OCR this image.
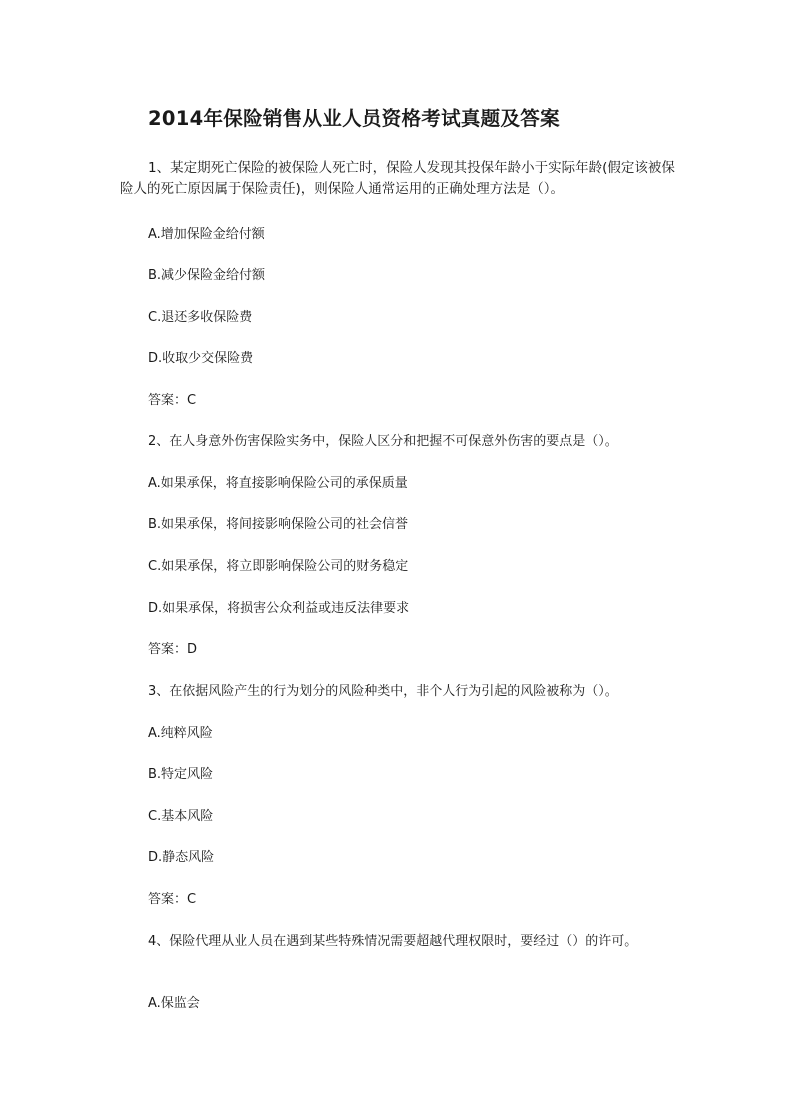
2014年保险销售从业人员资格考试真题及答案
1、某定期死亡保险的被保险人死亡时，保险人发现其投保年龄小于实际年龄(假定该被保险人的死亡原因属于保险责任)，则保险人通常运用的正确处理方法是（）。
A.增加保险金给付额
B.减少保险金给付额
C.退还多收保险费
D.收取少交保险费
答案：C
2、在人身意外伤害保险实务中，保险人区分和把握不可保意外伤害的要点是（）。
A.如果承保，将直接影响保险公司的承保质量
B.如果承保，将间接影响保险公司的社会信誉
C.如果承保，将立即影响保险公司的财务稳定
D.如果承保，将损害公众利益或违反法律要求
答案：D
3、在依据风险产生的行为划分的风险种类中，非个人行为引起的风险被称为（）。
A.纯粹风险
B.特定风险
C.基本风险
D.静态风险
答案：C
4、保险代理从业人员在遇到某些特殊情况需要超越代理权限时，要经过（）的许可。
A.保监会
